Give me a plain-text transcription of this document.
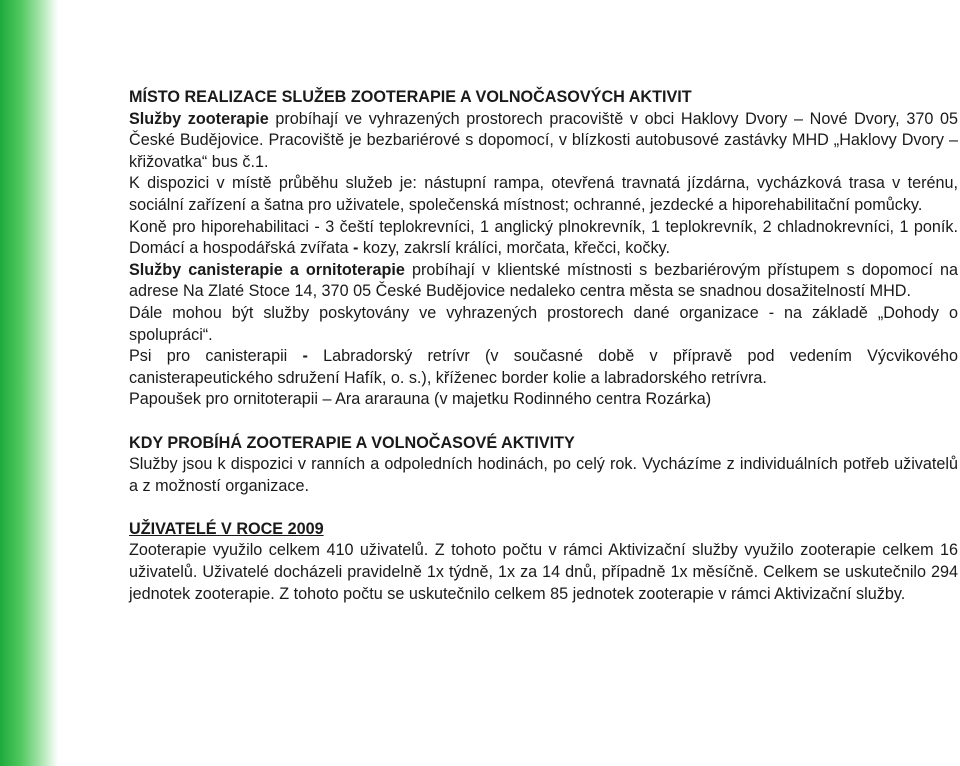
MÍSTO REALIZACE SLUŽEB ZOOTERAPIE A VOLNOČASOVÝCH AKTIVIT

Služby zooterapie probíhají ve vyhrazených prostorech pracoviště v obci Haklovy Dvory – Nové Dvory, 370 05 České Budějovice. Pracoviště je bezbariérové s dopomocí, v blízkosti autobusové zastávky MHD „Haklovy Dvory – křižovatka“ bus č.1.

K dispozici v místě průběhu služeb je: nástupní rampa, otevřená travnatá jízdárna, vycházková trasa v terénu, sociální zařízení a šatna pro uživatele, společenská místnost; ochranné, jezdecké a hiporehabilitační pomůcky.

Koně pro hiporehabilitaci - 3 čeští teplokrevníci, 1 anglický plnokrevník, 1 teplokrevník, 2 chladnokrevníci, 1 poník. Domácí a hospodářská zvířata - kozy, zakrslí králíci, morčata, křečci, kočky.

Služby canisterapie a ornitoterapie probíhají v klientské místnosti s bezbariérovým přístupem s dopomocí na adrese Na Zlaté Stoce 14, 370 05 České Budějovice nedaleko centra města se snadnou dosažitelností MHD.

Dále mohou být služby poskytovány ve vyhrazených prostorech dané organizace - na základě „Dohody o spolupráci“.

Psi pro canisterapii - Labradorský retrívr (v současné době v přípravě pod vedením Výcvikového canisterapeutického sdružení Hafík, o. s.), kříženec border kolie a labradorského retrívra.

Papoušek pro ornitoterapii – Ara ararauna (v majetku Rodinného centra Rozárka)

KDY PROBÍHÁ ZOOTERAPIE A VOLNOČASOVÉ AKTIVITY

Služby jsou k dispozici v ranních a odpoledních hodinách, po celý rok. Vycházíme z individuálních potřeb uživatelů a z možností organizace.

UŽIVATELÉ V ROCE 2009

Zooterapie využilo celkem 410 uživatelů. Z tohoto počtu v rámci Aktivizační služby využilo zooterapie celkem 16 uživatelů. Uživatelé docházeli pravidelně 1x týdně, 1x za 14 dnů, případně 1x měsíčně. Celkem se uskutečnilo 294 jednotek zooterapie. Z tohoto počtu se uskutečnilo celkem 85 jednotek zooterapie v rámci Aktivizační služby.
